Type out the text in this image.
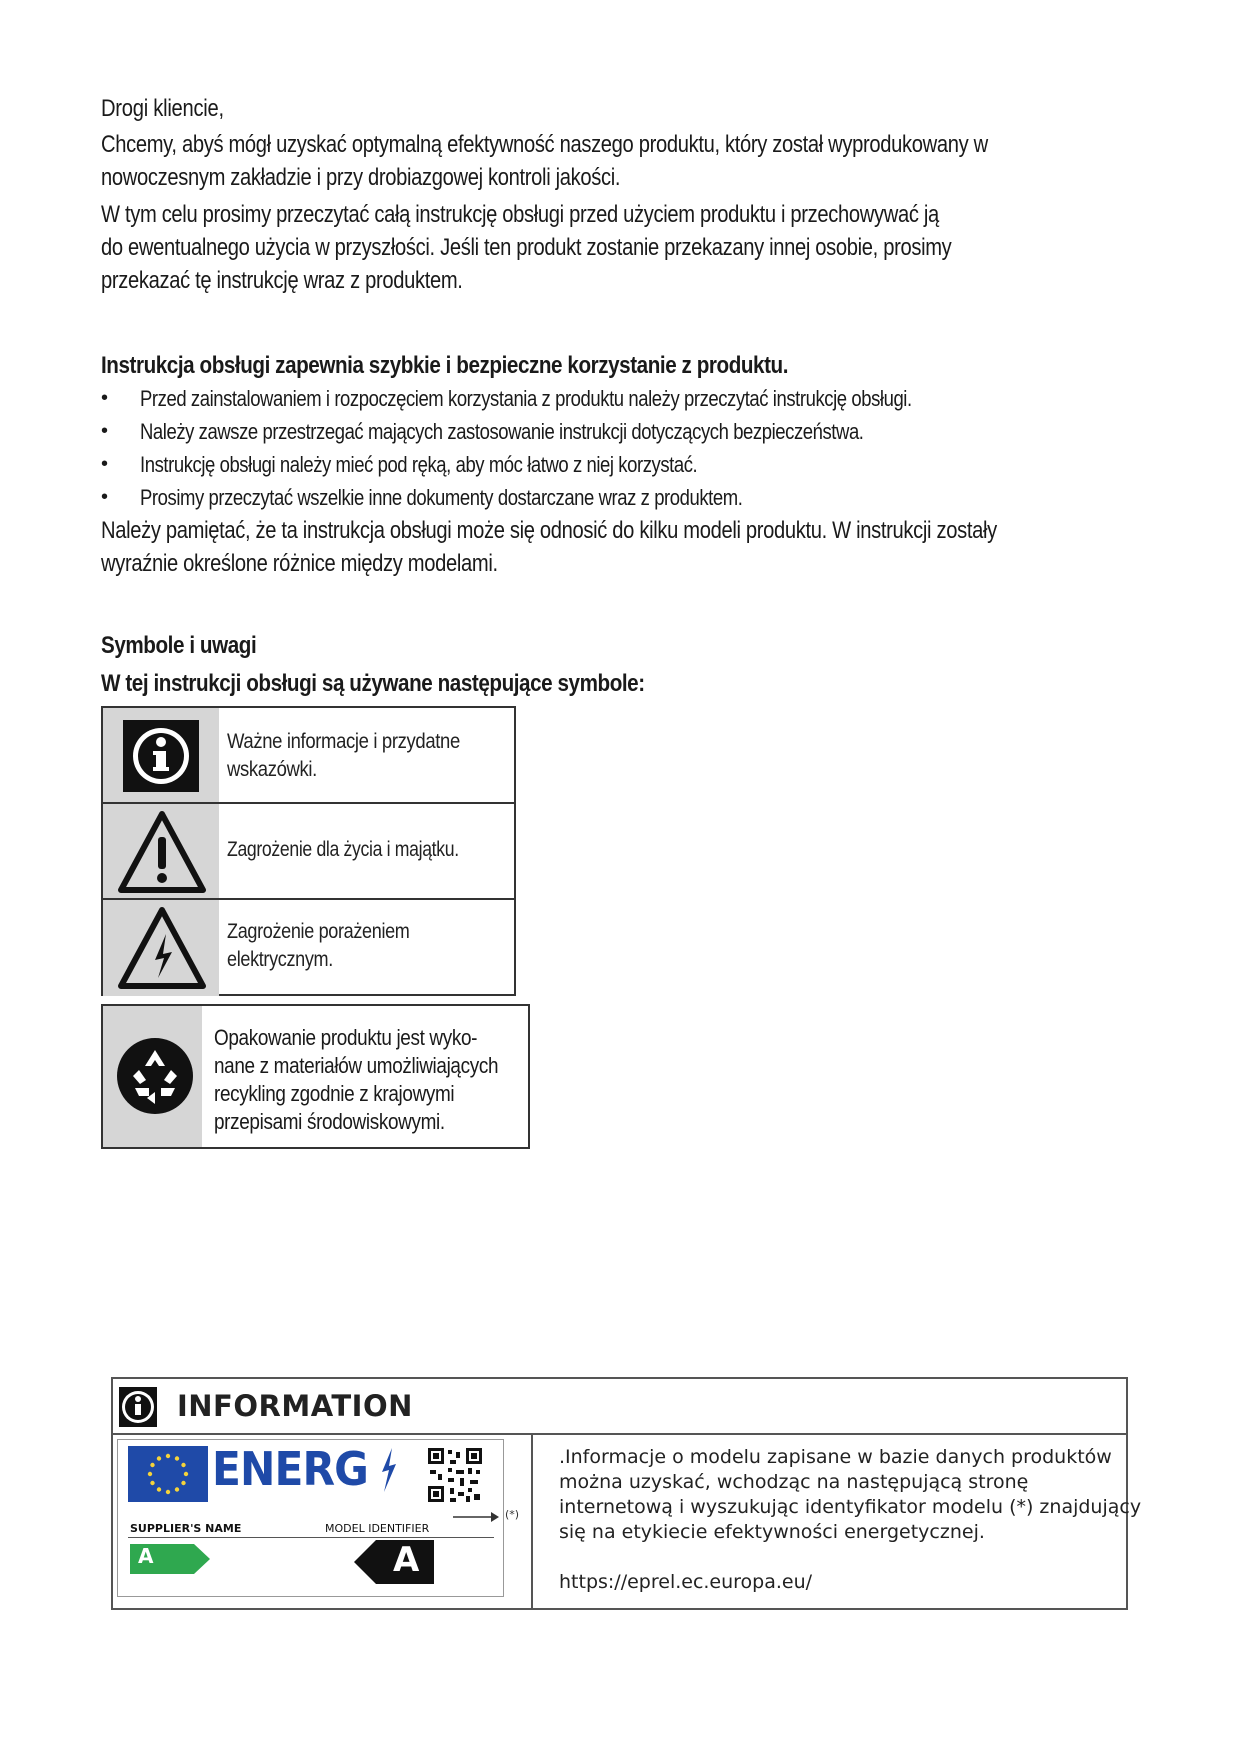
Drogi kliencie,
Chcemy, abyś mógł uzyskać optymalną efektywność naszego produktu, który został wyprodukowany w
nowoczesnym zakładzie i przy drobiazgowej kontroli jakości.
W tym celu prosimy przeczytać całą instrukcję obsługi przed użyciem produktu i przechowywać ją
do ewentualnego użycia w przyszłości. Jeśli ten produkt zostanie przekazany innej osobie, prosimy
przekazać tę instrukcję wraz z produktem.
Instrukcja obsługi zapewnia szybkie i bezpieczne korzystanie z produktu.
• Przed zainstalowaniem i rozpoczęciem korzystania z produktu należy przeczytać instrukcję obsługi.
• Należy zawsze przestrzegać mających zastosowanie instrukcji dotyczących bezpieczeństwa.
• Instrukcję obsługi należy mieć pod ręką, aby móc łatwo z niej korzystać.
• Prosimy przeczytać wszelkie inne dokumenty dostarczane wraz z produktem.
Należy pamiętać, że ta instrukcja obsługi może się odnosić do kilku modeli produktu. W instrukcji zostały
wyraźnie określone różnice między modelami.
Symbole i uwagi
W tej instrukcji obsługi są używane następujące symbole:
Ważne informacje i przydatne
wskazówki.
Zagrożenie dla życia i majątku.
Zagrożenie porażeniem
elektrycznym.
Opakowanie produktu jest wyko-
nane z materiałów umożliwiających
recykling zgodnie z krajowymi
przepisami środowiskowymi.
INFORMATION
ENERG
SUPPLIER'S NAME	MODEL IDENTIFIER
A	A
(*)
.Informacje o modelu zapisane w bazie danych produktów
można uzyskać, wchodząc na następującą stronę
internetową i wyszukując identyfikator modelu (*) znajdujący
się na etykiecie efektywności energetycznej.
https://eprel.ec.europa.eu/
